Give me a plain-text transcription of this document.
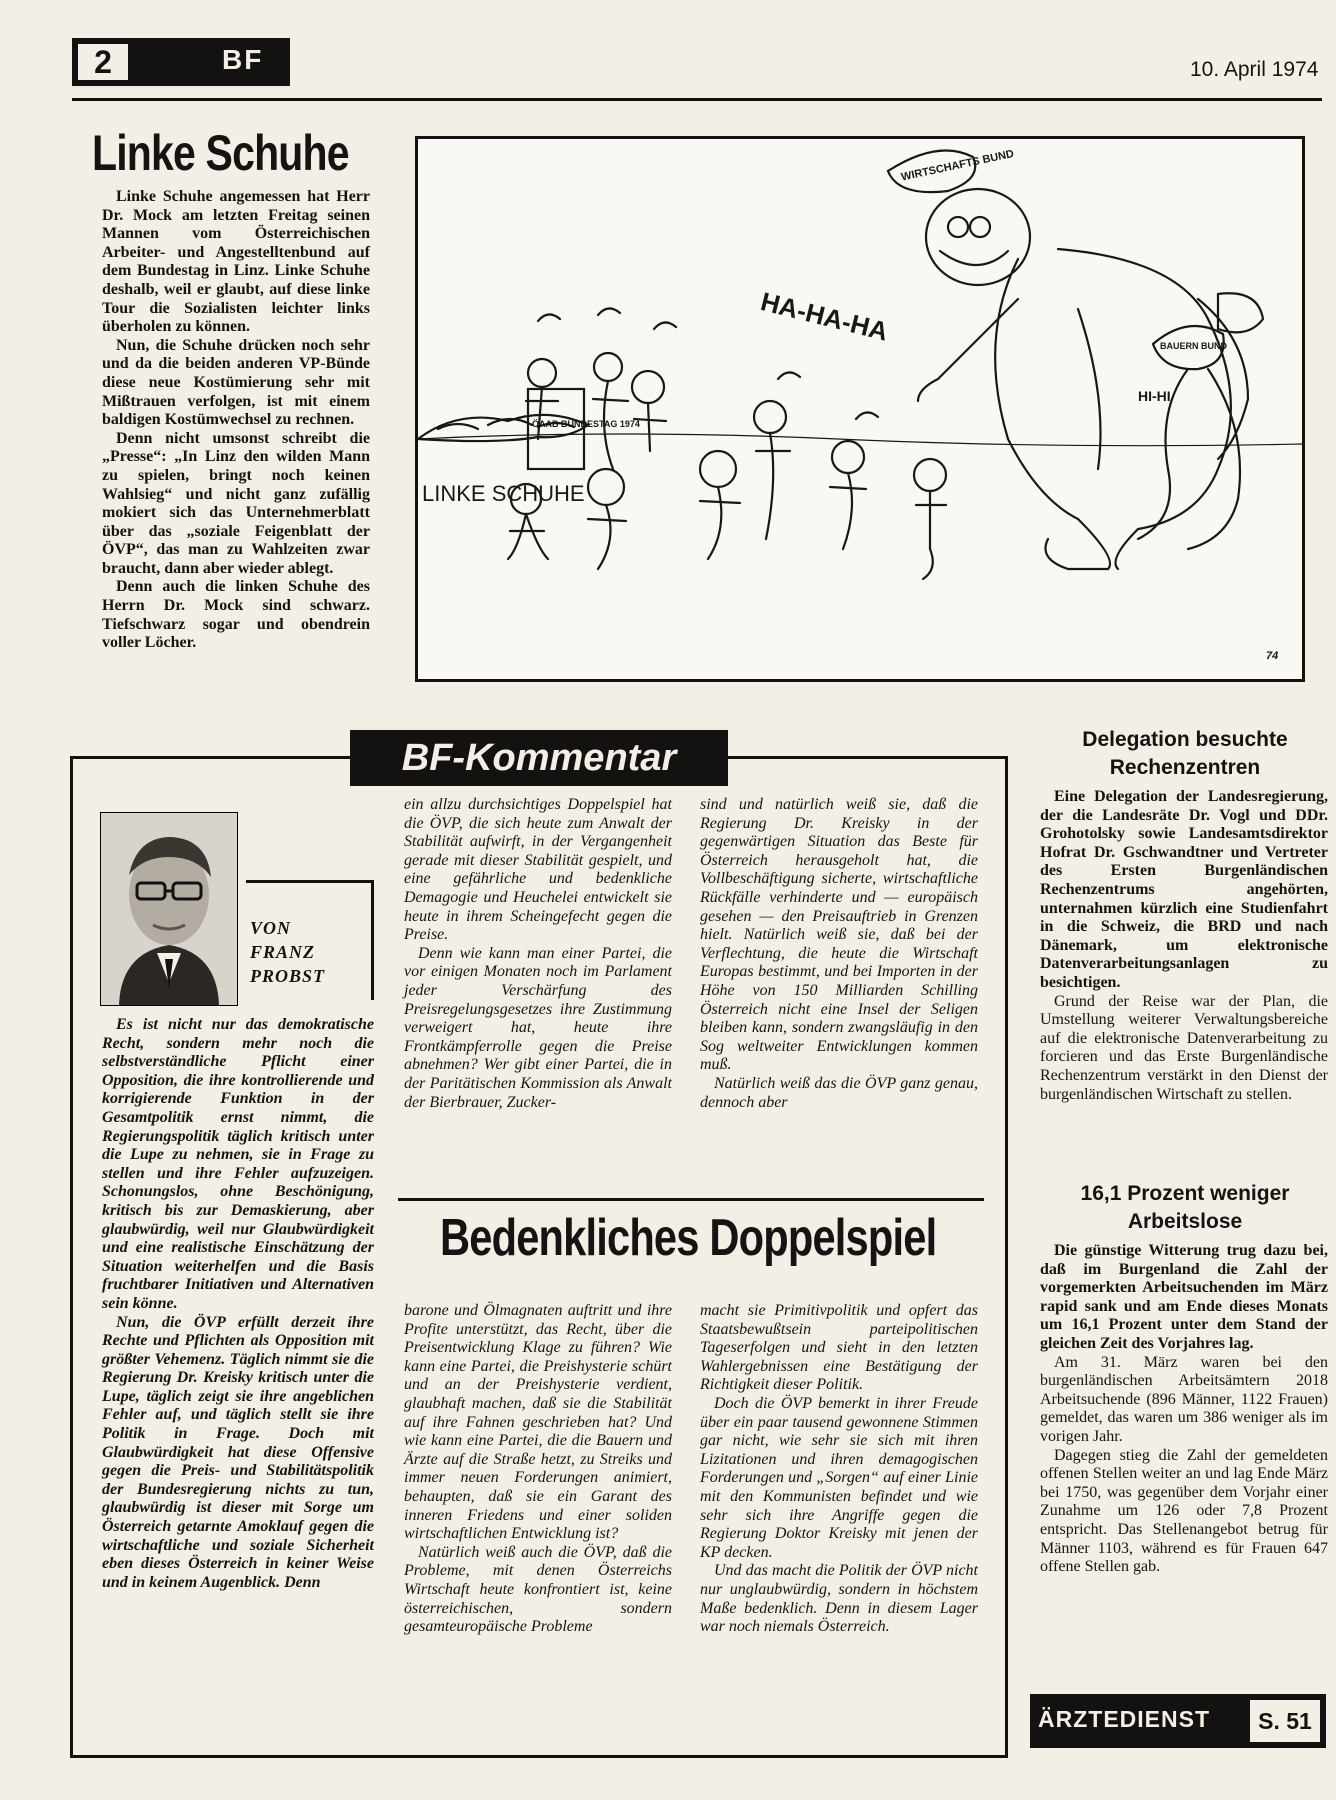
2	BF	10. April 1974
Linke Schuhe

Linke Schuhe angemessen hat Herr Dr. Mock am letzten Freitag seinen Mannen vom Österreichischen Arbeiter- und Angestelltenbund auf dem Bundestag in Linz. Linke Schuhe deshalb, weil er glaubt, auf diese linke Tour die Sozialisten leichter links überholen zu können.

Nun, die Schuhe drücken noch sehr und da die beiden anderen VP-Bünde diese neue Kostümierung sehr mit Mißtrauen verfolgen, ist mit einem baldigen Kostümwechsel zu rechnen.

Denn nicht umsonst schreibt die „Presse“: „In Linz den wilden Mann zu spielen, bringt noch keinen Wahlsieg“ und nicht ganz zufällig mokiert sich das Unternehmerblatt über das „soziale Feigenblatt der ÖVP“, das man zu Wahlzeiten zwar braucht, dann aber wieder ablegt.

Denn auch die linken Schuhe des Herrn Dr. Mock sind schwarz. Tiefschwarz sogar und obendrein voller Löcher.

WIRTSCHAFTS BUND
HA-HA-HA
HI-HI
BAUERN BUND
ÖAAB BUNDESTAG 1974
LINKE SCHUHE
74
BF-Kommentar
VON
FRANZ
PROBST

Es ist nicht nur das demokratische Recht, sondern mehr noch die selbstverständliche Pflicht einer Opposition, die ihre kontrollierende und korrigierende Funktion in der Gesamtpolitik ernst nimmt, die Regierungspolitik täglich kritisch unter die Lupe zu nehmen, sie in Frage zu stellen und ihre Fehler aufzuzeigen. Schonungslos, ohne Beschönigung, kritisch bis zur Demaskierung, aber glaubwürdig, weil nur Glaubwürdigkeit und eine realistische Einschätzung der Situation weiterhelfen und die Basis fruchtbarer Initiativen und Alternativen sein könne.

Nun, die ÖVP erfüllt derzeit ihre Rechte und Pflichten als Opposition mit größter Vehemenz. Täglich nimmt sie die Regierung Dr. Kreisky kritisch unter die Lupe, täglich zeigt sie ihre angeblichen Fehler auf, und täglich stellt sie ihre Politik in Frage. Doch mit Glaubwürdigkeit hat diese Offensive gegen die Preis- und Stabilitätspolitik der Bundesregierung nichts zu tun, glaubwürdig ist dieser mit Sorge um Österreich getarnte Amoklauf gegen die wirtschaftliche und soziale Sicherheit eben dieses Österreich in keiner Weise und in keinem Augenblick. Denn

ein allzu durchsichtiges Doppelspiel hat die ÖVP, die sich heute zum Anwalt der Stabilität aufwirft, in der Vergangenheit gerade mit dieser Stabilität gespielt, und eine gefährliche und bedenkliche Demagogie und Heuchelei entwickelt sie heute in ihrem Scheingefecht gegen die Preise.

Denn wie kann man einer Partei, die vor einigen Monaten noch im Parlament jeder Verschärfung des Preisregelungsgesetzes ihre Zustimmung verweigert hat, heute ihre Frontkämpferrolle gegen die Preise abnehmen? Wer gibt einer Partei, die in der Paritätischen Kommission als Anwalt der Bierbrauer, Zucker-

sind und natürlich weiß sie, daß die Regierung Dr. Kreisky in der gegenwärtigen Situation das Beste für Österreich herausgeholt hat, die Vollbeschäftigung sicherte, wirtschaftliche Rückfälle verhinderte und — europäisch gesehen — den Preisauftrieb in Grenzen hielt. Natürlich weiß sie, daß bei der Verflechtung, die heute die Wirtschaft Europas bestimmt, und bei Importen in der Höhe von 150 Milliarden Schilling Österreich nicht eine Insel der Seligen bleiben kann, sondern zwangsläufig in den Sog weltweiter Entwicklungen kommen muß.

Natürlich weiß das die ÖVP ganz genau, dennoch aber

Bedenkliches Doppelspiel

barone und Ölmagnaten auftritt und ihre Profite unterstützt, das Recht, über die Preisentwicklung Klage zu führen? Wie kann eine Partei, die Preishysterie schürt und an der Preishysterie verdient, glaubhaft machen, daß sie die Stabilität auf ihre Fahnen geschrieben hat? Und wie kann eine Partei, die die Bauern und Ärzte auf die Straße hetzt, zu Streiks und immer neuen Forderungen animiert, behaupten, daß sie ein Garant des inneren Friedens und einer soliden wirtschaftlichen Entwicklung ist?

Natürlich weiß auch die ÖVP, daß die Probleme, mit denen Österreichs Wirtschaft heute konfrontiert ist, keine österreichischen, sondern gesamteuropäische Probleme

macht sie Primitivpolitik und opfert das Staatsbewußtsein parteipolitischen Tageserfolgen und sieht in den letzten Wahlergebnissen eine Bestätigung der Richtigkeit dieser Politik.

Doch die ÖVP bemerkt in ihrer Freude über ein paar tausend gewonnene Stimmen gar nicht, wie sehr sie sich mit ihren Lizitationen und ihren demagogischen Forderungen und „Sorgen“ auf einer Linie mit den Kommunisten befindet und wie sehr sich ihre Angriffe gegen die Regierung Doktor Kreisky mit jenen der KP decken.

Und das macht die Politik der ÖVP nicht nur unglaubwürdig, sondern in höchstem Maße bedenklich. Denn in diesem Lager war noch niemals Österreich.

Delegation besuchte Rechenzentren

Eine Delegation der Landesregierung, der die Landesräte Dr. Vogl und DDr. Grohotolsky sowie Landesamtsdirektor Hofrat Dr. Gschwandtner und Vertreter des Ersten Burgenländischen Rechenzentrums angehörten, unternahmen kürzlich eine Studienfahrt in die Schweiz, die BRD und nach Dänemark, um elektronische Datenverarbeitungsanlagen zu besichtigen.

Grund der Reise war der Plan, die Umstellung weiterer Verwaltungsbereiche auf die elektronische Datenverarbeitung zu forcieren und das Erste Burgenländische Rechenzentrum verstärkt in den Dienst der burgenländischen Wirtschaft zu stellen.

16,1 Prozent weniger Arbeitslose

Die günstige Witterung trug dazu bei, daß im Burgenland die Zahl der vorgemerkten Arbeitsuchenden im März rapid sank und am Ende dieses Monats um 16,1 Prozent unter dem Stand der gleichen Zeit des Vorjahres lag.

Am 31. März waren bei den burgenländischen Arbeitsämtern 2018 Arbeitsuchende (896 Männer, 1122 Frauen) gemeldet, das waren um 386 weniger als im vorigen Jahr.

Dagegen stieg die Zahl der gemeldeten offenen Stellen weiter an und lag Ende März bei 1750, was gegenüber dem Vorjahr einer Zunahme um 126 oder 7,8 Prozent entspricht. Das Stellenangebot betrug für Männer 1103, während es für Frauen 647 offene Stellen gab.

ÄRZTEDIENST	S. 51
